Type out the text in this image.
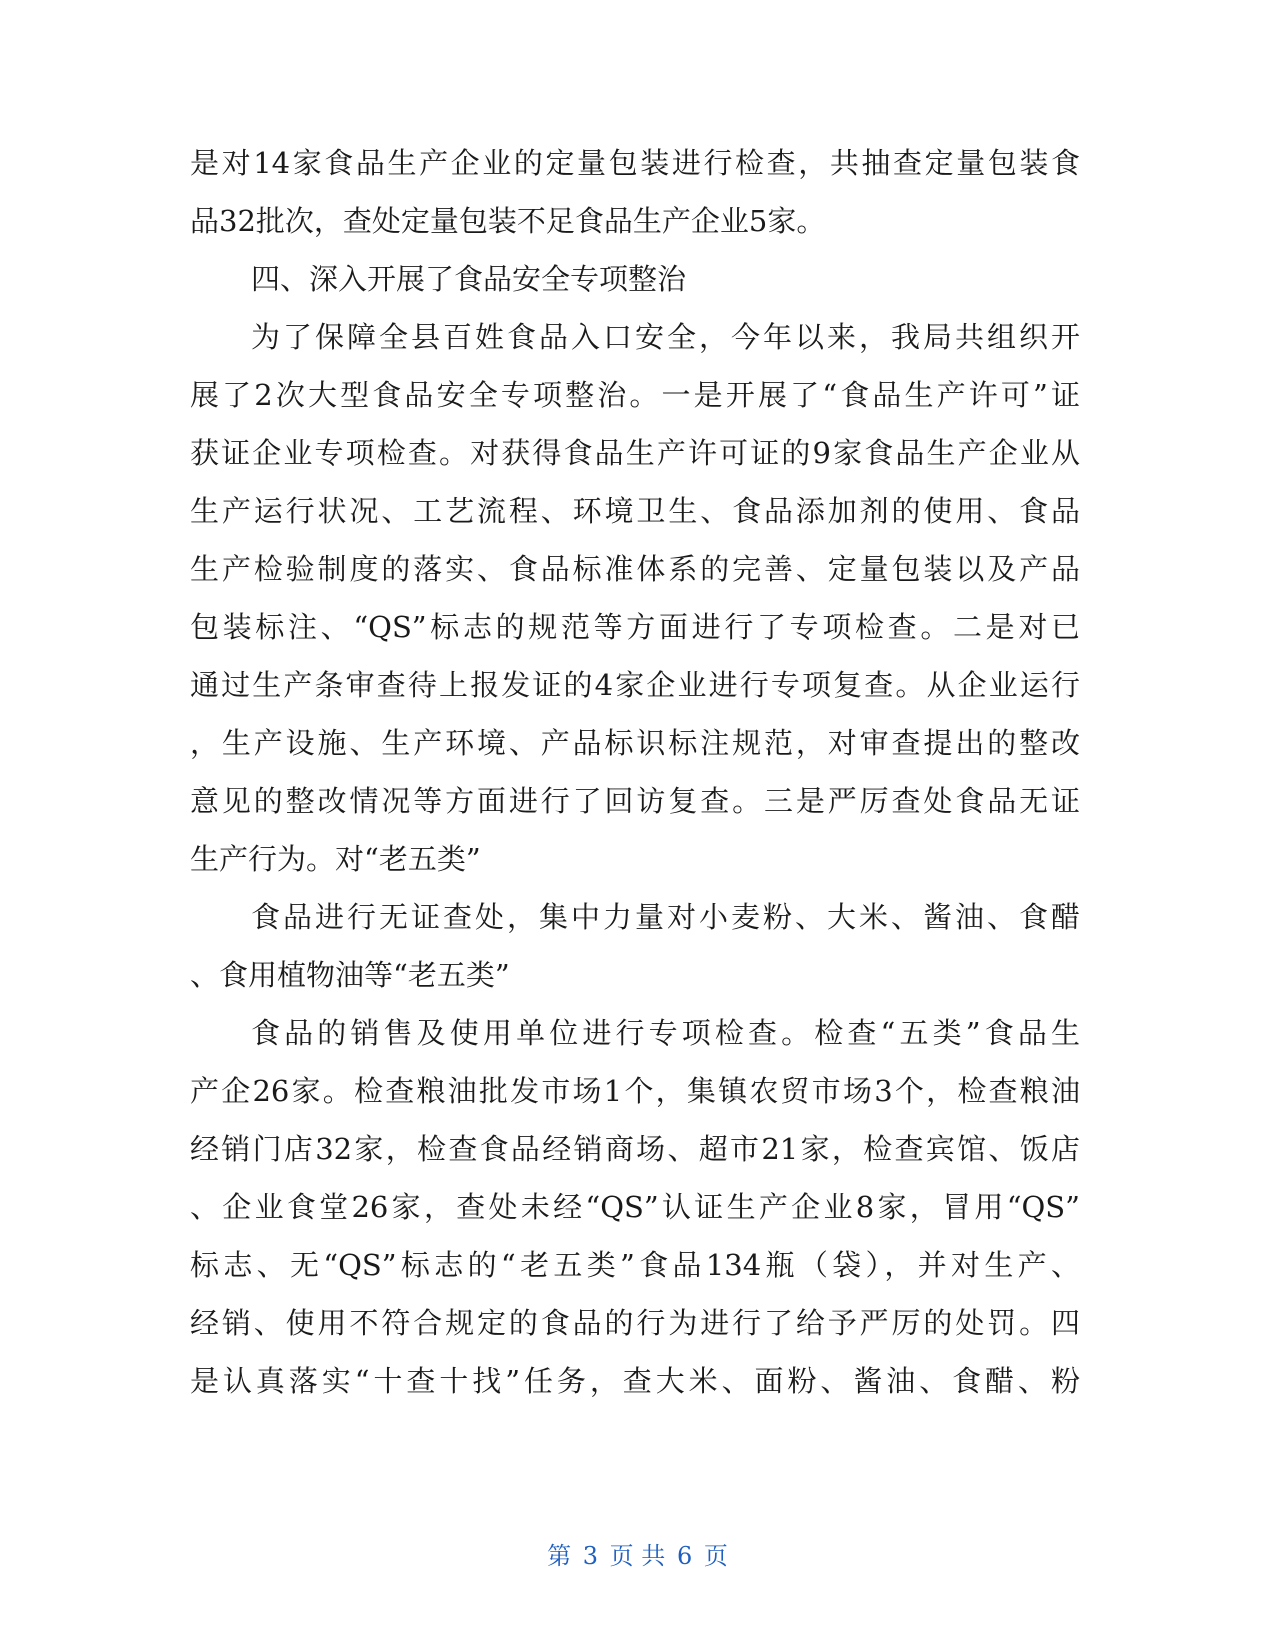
是对14家食品生产企业的定量包装进行检查，共抽查定量包装食
品32批次，查处定量包装不足食品生产企业5家。
四、深入开展了食品安全专项整治
为了保障全县百姓食品入口安全，今年以来，我局共组织开
展了2次大型食品安全专项整治。一是开展了“食品生产许可”证
获证企业专项检查。对获得食品生产许可证的9家食品生产企业从
生产运行状况、工艺流程、环境卫生、食品添加剂的使用、食品
生产检验制度的落实、食品标准体系的完善、定量包装以及产品
包装标注、“QS”标志的规范等方面进行了专项检查。二是对已
通过生产条审查待上报发证的4家企业进行专项复查。从企业运行
，生产设施、生产环境、产品标识标注规范，对审查提出的整改
意见的整改情况等方面进行了回访复查。三是严厉查处食品无证
生产行为。对“老五类”
食品进行无证查处，集中力量对小麦粉、大米、酱油、食醋
、食用植物油等“老五类”
食品的销售及使用单位进行专项检查。检查“五类”食品生
产企26家。检查粮油批发市场1个，集镇农贸市场3个，检查粮油
经销门店32家，检查食品经销商场、超市21家，检查宾馆、饭店
、企业食堂26家，查处未经“QS”认证生产企业8家，冒用“QS”
标志、无“QS”标志的“老五类”食品134瓶（袋），并对生产、
经销、使用不符合规定的食品的行为进行了给予严厉的处罚。四
是认真落实“十查十找”任务，查大米、面粉、酱油、食醋、粉
第 3 页 共 6 页
